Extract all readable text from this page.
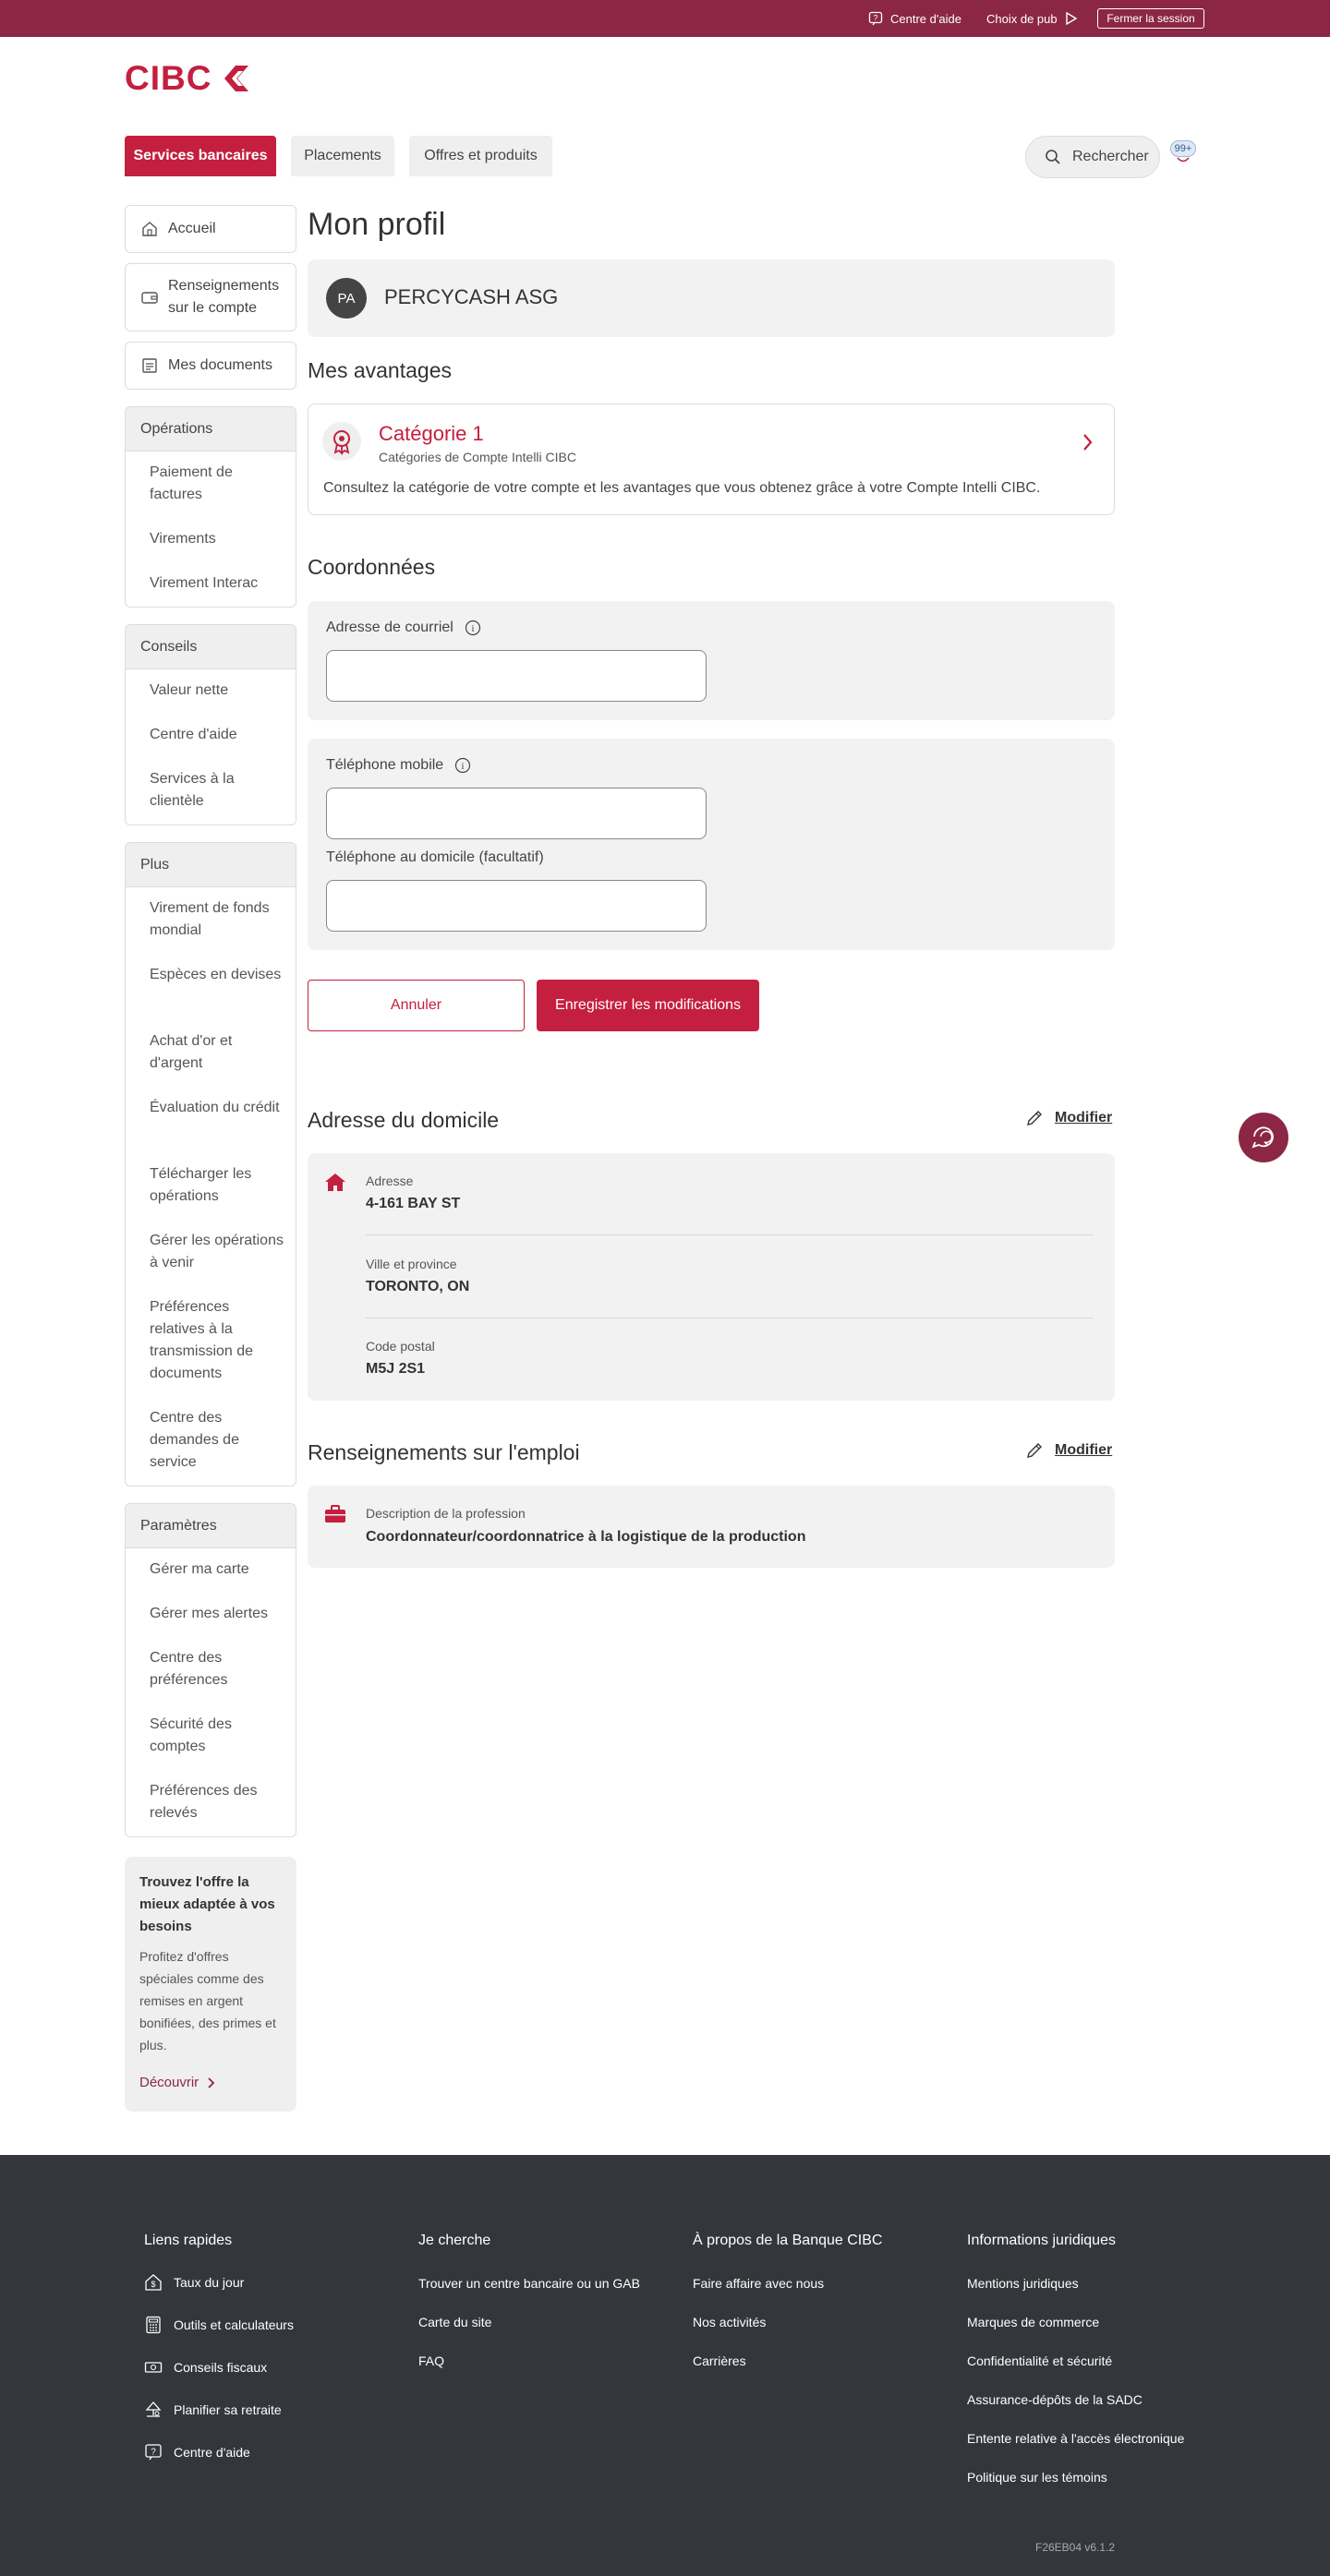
? Centre d'aide Choix de pub	Fermer la session
CIBC
Services bancaires	Placements	Offres et produits	Rechercher	99+
Accueil
Renseignements sur le compte
Mes documents
Opérations
Paiement de factures
Virements
Virement Interac
Conseils
Valeur nette
Centre d'aide
Services à la clientèle
Plus
Virement de fonds mondial
Espèces en devises
Achat d'or et d'argent
Évaluation du crédit
Télécharger les opérations
Gérer les opérations à venir
Préférences relatives à la transmission de documents
Centre des demandes de service
Paramètres
Gérer ma carte
Gérer mes alertes
Centre des préférences
Sécurité des comptes
Préférences des relevés
Trouvez l'offre la mieux adaptée à vos besoins
Profitez d'offres spéciales comme des remises en argent bonifiées, des primes et plus.
Découvrir
Mon profil
PA	PERCYCASH ASG
Mes avantages
Catégorie 1
Catégories de Compte Intelli CIBC
Consultez la catégorie de votre compte et les avantages que vous obtenez grâce à votre Compte Intelli CIBC.
Coordonnées
Adresse de courriel i
Téléphone mobile i
Téléphone au domicile (facultatif)
Annuler	Enregistrer les modifications
Adresse du domicile	Modifier
Adresse
4-161 BAY ST
Ville et province
TORONTO, ON
Code postal
M5J 2S1
Renseignements sur l'emploi	Modifier
Description de la profession
Coordonnateur/coordonnatrice à la logistique de la production
Liens rapides
$ Taux du jour
Outils et calculateurs
Conseils fiscaux
Planifier sa retraite
? Centre d'aide
Je cherche
Trouver un centre bancaire ou un GAB
Carte du site
FAQ
À propos de la Banque CIBC
Faire affaire avec nous
Nos activités
Carrières
Informations juridiques
Mentions juridiques
Marques de commerce
Confidentialité et sécurité
Assurance-dépôts de la SADC
Entente relative à l'accès électronique
Politique sur les témoins
F26EB04 v6.1.2
